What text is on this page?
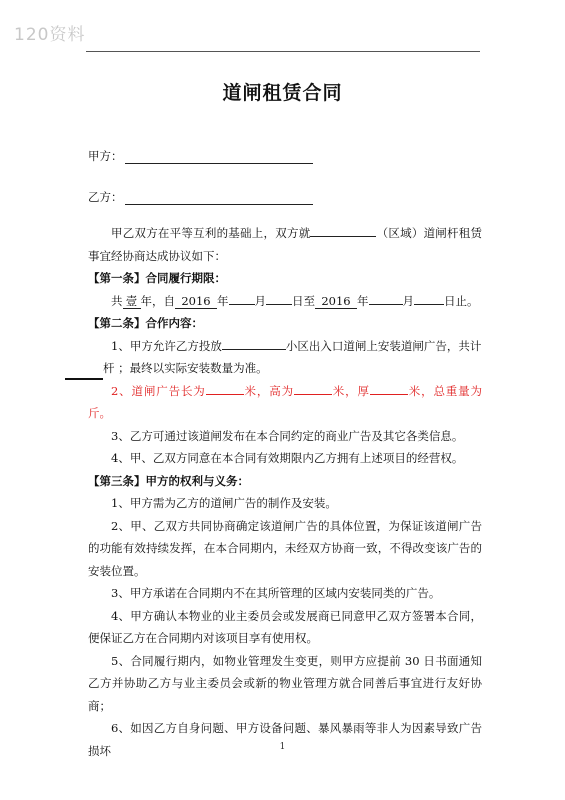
120资料
道闸租赁合同
甲方：
乙方：

甲乙双方在平等互利的基础上，双方就	（区域）道闸杆租赁事宜经协商达成协议如下：

【第一条】合同履行期限：

共 壹 年，自 2016 年 月 日至 2016 年	月	日止。

【第二条】合作内容：

1、甲方允许乙方投放	小区出入口道闸上安装道闸广告，共计
杆 ；最终以实际安装数量为准。

2、道闸广告长为	米，高为	米，厚	米，总重量为斤。

3、乙方可通过该道闸发布在本合同约定的商业广告及其它各类信息。

4、甲、乙双方同意在本合同有效期限内乙方拥有上述项目的经营权。

【第三条】甲方的权利与义务：

1、甲方需为乙方的道闸广告的制作及安装。

2、甲、乙双方共同协商确定该道闸广告的具体位置，为保证该道闸广告的功能有效持续发挥，在本合同期内，未经双方协商一致，不得改变该广告的安装位置。

3、甲方承诺在合同期内不在其所管理的区域内安装同类的广告。

4、甲方确认本物业的业主委员会或发展商已同意甲乙双方签署本合同，便保证乙方在合同期内对该项目享有使用权。

5、合同履行期内，如物业管理发生变更，则甲方应提前 30 日书面通知乙方并协助乙方与业主委员会或新的物业管理方就合同善后事宜进行友好协商；

6、如因乙方自身问题、甲方设备问题、暴风暴雨等非人为因素导致广告损坏	1
